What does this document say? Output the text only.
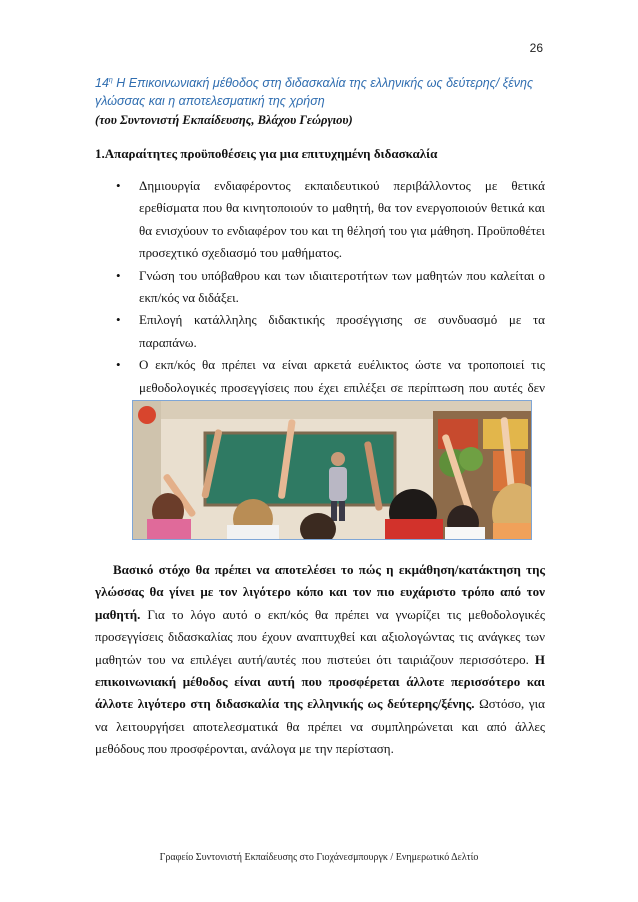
26

$14^\eta$ Η Επικοινωνιακή μέθοδος στη διδασκαλία της ελληνικής ως δεύτερης/ ξένης

γλώσσας και η αποτελεσματική της χρήση

(του Συντονιστή Εκπαίδευσης, Βλάχου Γεώργιου)

1.Απαραίτητες προϋποθέσεις για μια επιτυχημένη διδασκαλία

• Δημιουργία ενδιαφέροντος εκπαιδευτικού περιβάλλοντος με θετικά ερεθίσματα που θα κινητοποιούν το μαθητή, θα τον ενεργοποιούν θετικά και θα ενισχύουν το ενδιαφέρον του και τη θέλησή του για μάθηση. Προϋποθέτει προσεχτικό σχεδιασμό του μαθήματος.
• Γνώση του υπόβαθρου και των ιδιαιτεροτήτων των μαθητών που καλείται ο εκπ/κός να διδάξει.
• Επιλογή κατάλληλης διδακτικής προσέγγισης σε συνδυασμό με τα παραπάνω.
• Ο εκπ/κός θα πρέπει να είναι αρκετά ευέλικτος ώστε να τροποποιεί τις μεθοδολογικές προσεγγίσεις που έχει επιλέξει σε περίπτωση που αυτές δεν

Βασικό στόχο θα πρέπει να αποτελέσει το πώς η εκμάθηση/κατάκτηση της γλώσσας θα γίνει με τον λιγότερο κόπο και τον πιο ευχάριστο τρόπο από τον μαθητή. Για το λόγο αυτό ο εκπ/κός θα πρέπει να γνωρίζει τις μεθοδολογικές προσεγγίσεις διδασκαλίας που έχουν αναπτυχθεί και αξιολογώντας τις ανάγκες των μαθητών του να επιλέγει αυτή/αυτές που πιστεύει ότι ταιριάζουν περισσότερο. Η επικοινωνιακή μέθοδος είναι αυτή που προσφέρεται άλλοτε περισσότερο και άλλοτε λιγότερο στη διδασκαλία της ελληνικής ως δεύτερης/ξένης. Ωστόσο, για να λειτουργήσει αποτελεσματικά θα πρέπει να συμπληρώνεται και από άλλες μεθόδους που προσφέρονται, ανάλογα με την περίσταση.

Γραφείο Συντονιστή Εκπαίδευσης στο Γιοχάνεσμπουργκ / Ενημερωτικό Δελτίο
